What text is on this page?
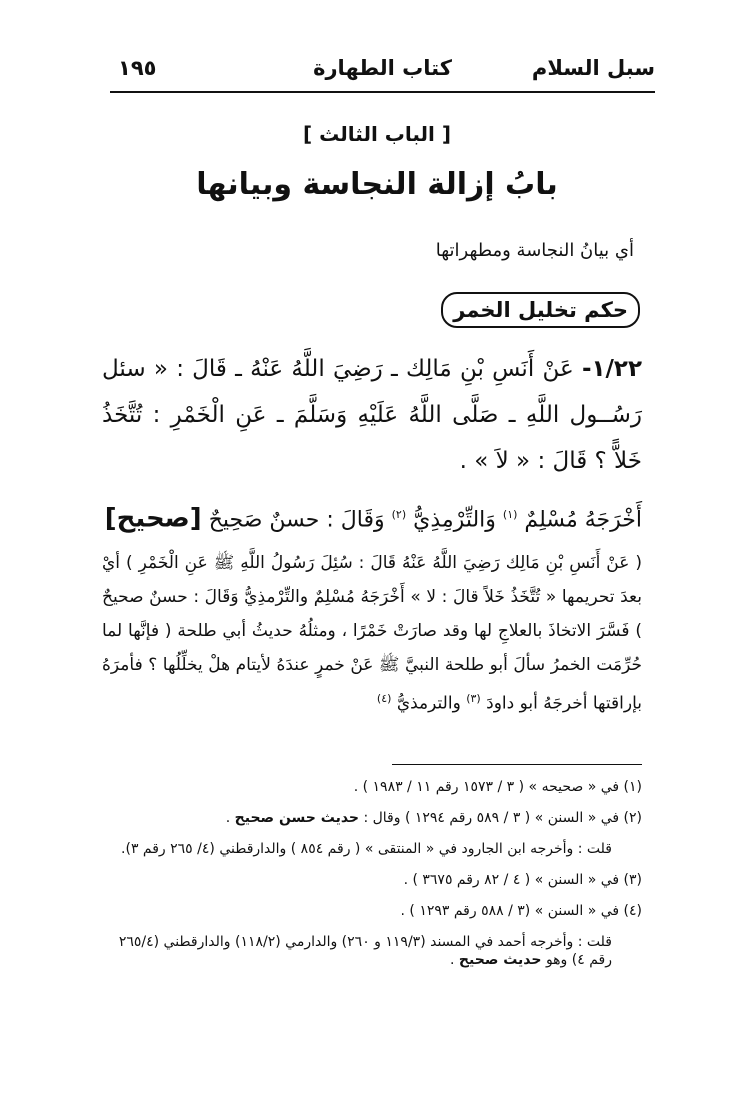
سبل السلام
كتاب الطهارة
١٩٥
[ الباب الثالث ]
بابُ إزالة النجاسة وبيانها
أي بيانُ النجاسة ومطهراتها
حكم تخليل الخمر
١/٢٢- عَنْ أَنَسِ بْنِ مَالِك ـ رَضِيَ اللَّهُ عَنْهُ ـ قَالَ : « سئل رَسُــول اللَّهِ ـ صَلَّى اللَّهُ عَلَيْهِ وَسَلَّمَ ـ عَنِ الْخَمْرِ : تُتَّخَذُ خَلاًّ ؟ قَالَ : « لاَ » .
أَخْرَجَهُ مُسْلِمٌ $^{(١)}$ وَالتِّرْمِذِيُّ $^{(٢)}$ وَقَالَ : حسنٌ صَحِيحٌ [صحيح]
( عَنْ أَنَسِ بْنِ مَالِك رَضِيَ اللَّهُ عَنْهُ قَالَ : سُئِلَ رَسُولُ اللَّهِ ﷺ عَنِ الْخَمْرِ ) أيْ بعدَ تحريمها « تُتَّخَذُ خَلاً قالَ : لا » أَخْرَجَهُ مُسْلِمٌ والتِّرْمذِيُّ وَقَالَ : حسنٌ صحيحٌ ) فَسَّرَ الاتخاذَ بالعلاجِ لها وقد صارَتْ خَمْرًا ، ومثلُهُ حديثُ أبي طلحة ( فإنَّها لما حُرِّمَت الخمرُ سألَ أبو طلحة النبيَّ ﷺ عَنْ خمرٍ عندَهُ لأيتام هلْ يخلِّلُها ؟ فأمرَهُ بإراقتها أخرجَهُ أبو داودَ $^{(٣)}$ والترمذيُّ $^{(٤)}$

(١) في « صحيحه » ( ٣ / ١٥٧٣ رقم ١١ / ١٩٨٣ ) .

(٢) في « السنن » ( ٣ / ٥٨٩ رقم ١٢٩٤ ) وقال : حديث حسن صحيح .

قلت : وأخرجه ابن الجارود في « المنتقى » ( رقم ٨٥٤ ) والدارقطني (٤/ ٢٦٥ رقم ٣).

(٣) في « السنن » ( ٤ / ٨٢ رقم ٣٦٧٥ ) .

(٤) في « السنن » (٣ / ٥٨٨ رقم ١٢٩٣ ) .

قلت : وأخرجه أحمد في المسند (١١٩/٣ و ٢٦٠) والدارمي (١١٨/٢) والدارقطني (٢٦٥/٤ رقم ٤) وهو حديث صحيح .
